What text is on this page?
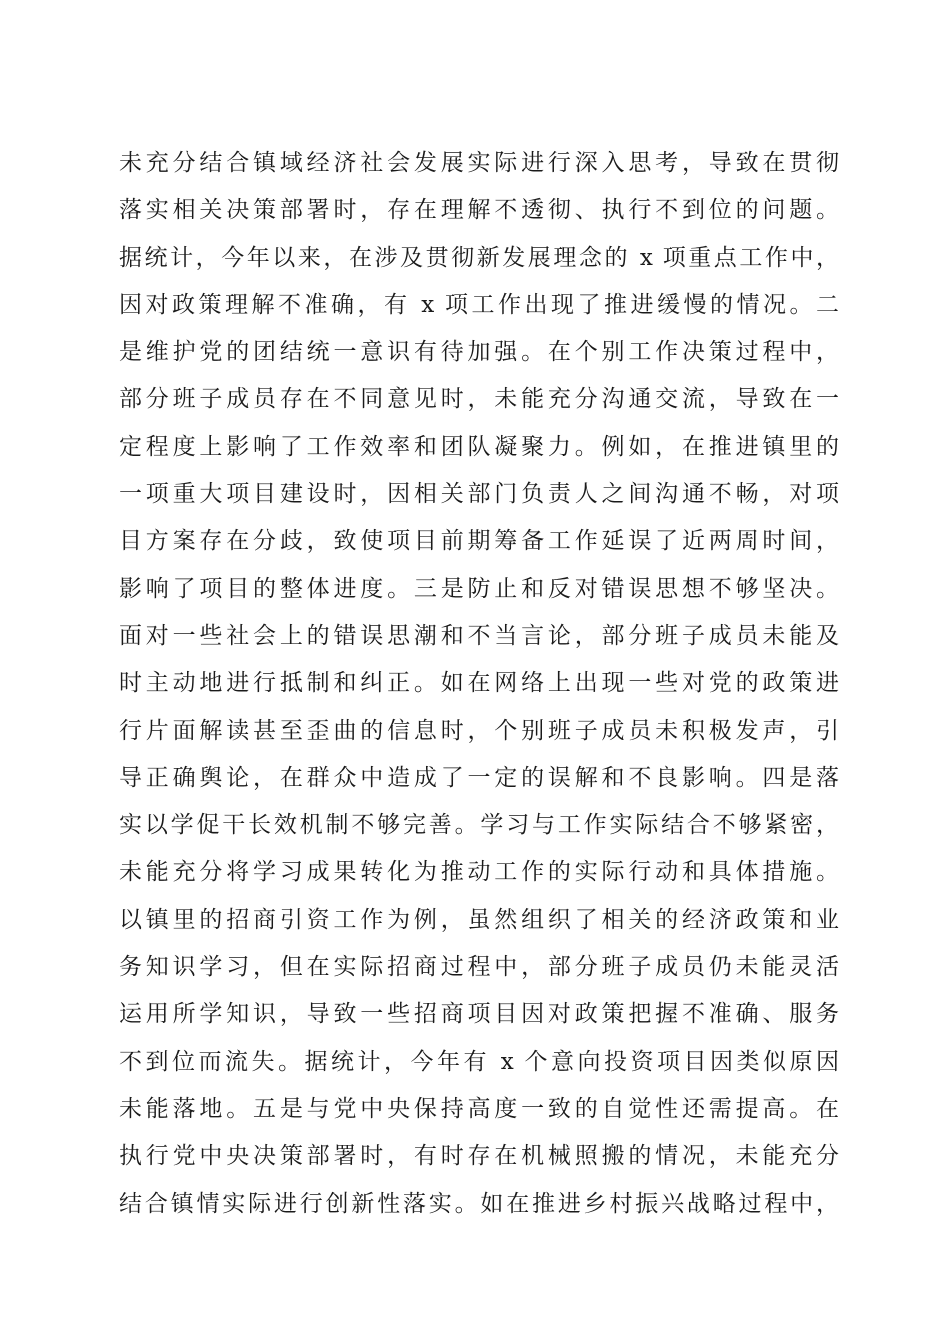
未充分结合镇域经济社会发展实际进行深入思考，导致在贯彻
落实相关决策部署时，存在理解不透彻、执行不到位的问题。
据统计，今年以来，在涉及贯彻新发展理念的 x 项重点工作中，
因对政策理解不准确，有 x 项工作出现了推进缓慢的情况。二
是维护党的团结统一意识有待加强。在个别工作决策过程中，
部分班子成员存在不同意见时，未能充分沟通交流，导致在一
定程度上影响了工作效率和团队凝聚力。例如，在推进镇里的
一项重大项目建设时，因相关部门负责人之间沟通不畅，对项
目方案存在分歧，致使项目前期筹备工作延误了近两周时间，
影响了项目的整体进度。三是防止和反对错误思想不够坚决。
面对一些社会上的错误思潮和不当言论，部分班子成员未能及
时主动地进行抵制和纠正。如在网络上出现一些对党的政策进
行片面解读甚至歪曲的信息时，个别班子成员未积极发声，引
导正确舆论，在群众中造成了一定的误解和不良影响。四是落
实以学促干长效机制不够完善。学习与工作实际结合不够紧密，
未能充分将学习成果转化为推动工作的实际行动和具体措施。
以镇里的招商引资工作为例，虽然组织了相关的经济政策和业
务知识学习，但在实际招商过程中，部分班子成员仍未能灵活
运用所学知识，导致一些招商项目因对政策把握不准确、服务
不到位而流失。据统计，今年有 x 个意向投资项目因类似原因
未能落地。五是与党中央保持高度一致的自觉性还需提高。在
执行党中央决策部署时，有时存在机械照搬的情况，未能充分
结合镇情实际进行创新性落实。如在推进乡村振兴战略过程中，
